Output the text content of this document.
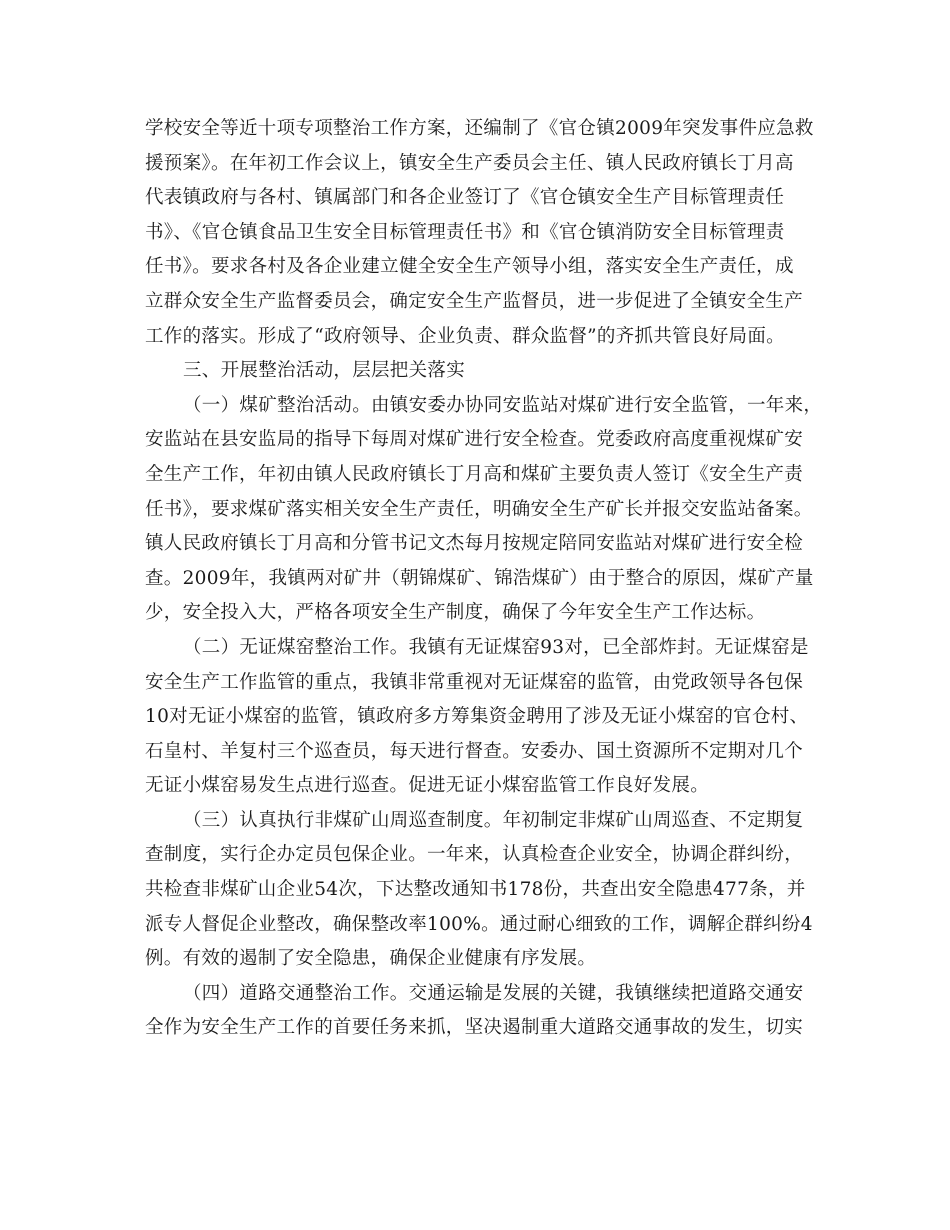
学校安全等近十项专项整治工作方案，还编制了《官仓镇2009年突发事件应急救
援预案》。在年初工作会议上，镇安全生产委员会主任、镇人民政府镇长丁月高
代表镇政府与各村、镇属部门和各企业签订了《官仓镇安全生产目标管理责任
书》、《官仓镇食品卫生安全目标管理责任书》和《官仓镇消防安全目标管理责
任书》。要求各村及各企业建立健全安全生产领导小组，落实安全生产责任，成
立群众安全生产监督委员会，确定安全生产监督员，进一步促进了全镇安全生产
工作的落实。形成了“政府领导、企业负责、群众监督”的齐抓共管良好局面。
三、开展整治活动，层层把关落实
（一）煤矿整治活动。由镇安委办协同安监站对煤矿进行安全监管，一年来，
安监站在县安监局的指导下每周对煤矿进行安全检查。党委政府高度重视煤矿安
全生产工作，年初由镇人民政府镇长丁月高和煤矿主要负责人签订《安全生产责
任书》，要求煤矿落实相关安全生产责任，明确安全生产矿长并报交安监站备案。
镇人民政府镇长丁月高和分管书记文杰每月按规定陪同安监站对煤矿进行安全检
查。2009年，我镇两对矿井（朝锦煤矿、锦浩煤矿）由于整合的原因，煤矿产量
少，安全投入大，严格各项安全生产制度，确保了今年安全生产工作达标。
（二）无证煤窑整治工作。我镇有无证煤窑93对，已全部炸封。无证煤窑是
安全生产工作监管的重点，我镇非常重视对无证煤窑的监管，由党政领导各包保
10对无证小煤窑的监管，镇政府多方筹集资金聘用了涉及无证小煤窑的官仓村、
石皇村、羊复村三个巡查员，每天进行督查。安委办、国土资源所不定期对几个
无证小煤窑易发生点进行巡查。促进无证小煤窑监管工作良好发展。
（三）认真执行非煤矿山周巡查制度。年初制定非煤矿山周巡查、不定期复
查制度，实行企办定员包保企业。一年来，认真检查企业安全，协调企群纠纷，
共检查非煤矿山企业54次，下达整改通知书178份，共查出安全隐患477条，并
派专人督促企业整改，确保整改率100%。通过耐心细致的工作，调解企群纠纷4
例。有效的遏制了安全隐患，确保企业健康有序发展。
（四）道路交通整治工作。交通运输是发展的关键，我镇继续把道路交通安
全作为安全生产工作的首要任务来抓，坚决遏制重大道路交通事故的发生，切实
